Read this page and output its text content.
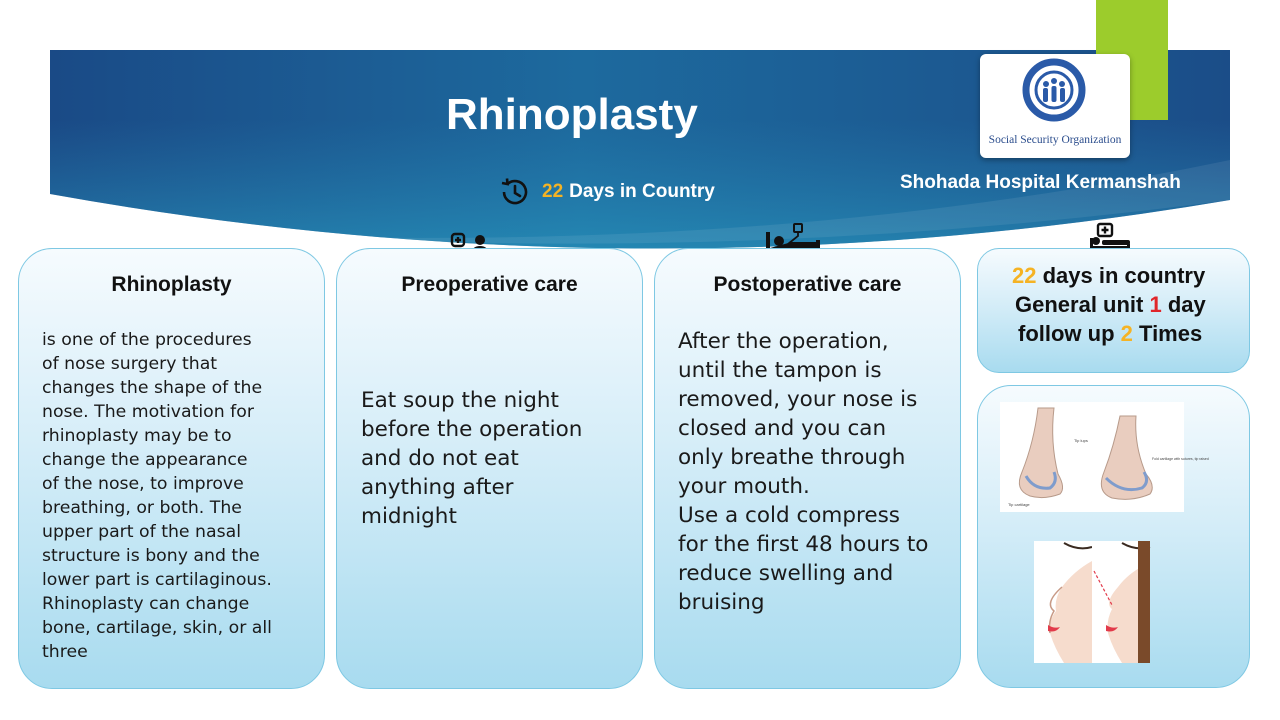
Social Security Organization
Rhinoplasty
Shohada Hospital Kermanshah
22 Days in Country
Rhinoplasty
is one of the procedures
of nose surgery that
changes the shape of the
nose. The motivation for
rhinoplasty may be to
change the appearance
of the nose, to improve
breathing, or both. The
upper part of the nasal
structure is bony and the
lower part is cartilaginous.
Rhinoplasty can change
bone, cartilage, skin, or all
three
Preoperative care
Eat soup the night
before the operation
and do not eat
anything after
midnight
Postoperative care
After the operation,
until the tampon is
removed, your nose is
closed and you can
only breathe through
your mouth.
Use a cold compress
for the first 48 hours to
reduce swelling and
bruising
22 days in country
General unit 1 day
follow up 2 Times
Tip lups
Fold cartilage with sutures, tip raised
Tip cartilage
